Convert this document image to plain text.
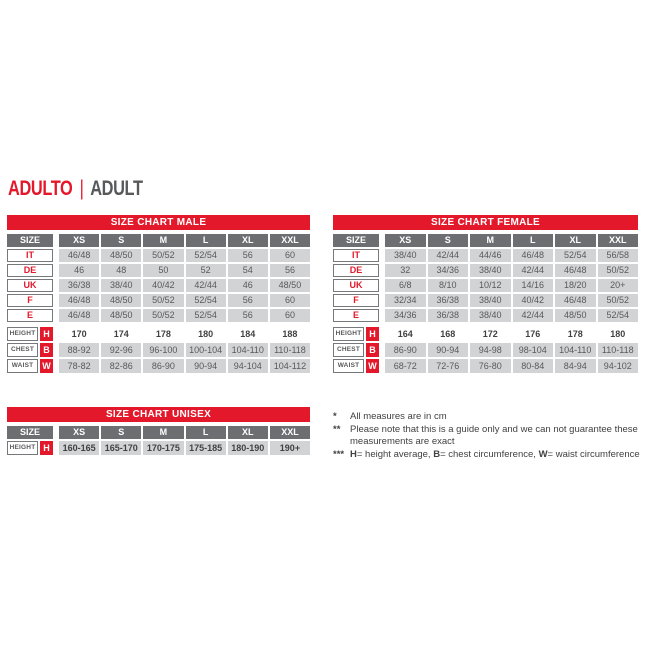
ADULTO | ADULT
SIZE CHART MALE
SIZE	XS	S	M	L	XL	XXL
IT	46/48	48/50	50/52	52/54	56	60
DE	46	48	50	52	54	56
UK	36/38	38/40	40/42	42/44	46	48/50
F	46/48	48/50	50/52	52/54	56	60
E	46/48	48/50	50/52	52/54	56	60
HEIGHT H	170	174	178	180	184	188
CHEST	B	88-92	92-96	96-100	100-104	104-110	110-118
WAIST W	78-82	82-86	86-90	90-94	94-104	104-112
SIZE CHART FEMALE
SIZE	XS	S	M	L	XL	XXL
IT	38/40	42/44	44/46	46/48	52/54	56/58
DE	32	34/36	38/40	42/44	46/48	50/52
UK	6/8	8/10	10/12	14/16	18/20	20+
F	32/34	36/38	38/40	40/42	46/48	50/52
E	34/36	36/38	38/40	42/44	48/50	52/54
HEIGHT H	164	168	172	176	178	180
CHEST	B	86-90	90-94	94-98	98-104	104-110	110-118
WAIST W	68-72	72-76	76-80	80-84	84-94	94-102
SIZE CHART UNISEX
SIZE	XS	S	M	L	XL	XXL
HEIGHT H	160-165	165-170	170-175	175-185	180-190	190+
*	All measures are in cm
**	Please note that this is a guide only and we can not guarantee these measurements are exact
*** H= height average, B= chest circumference, W= waist circumference
